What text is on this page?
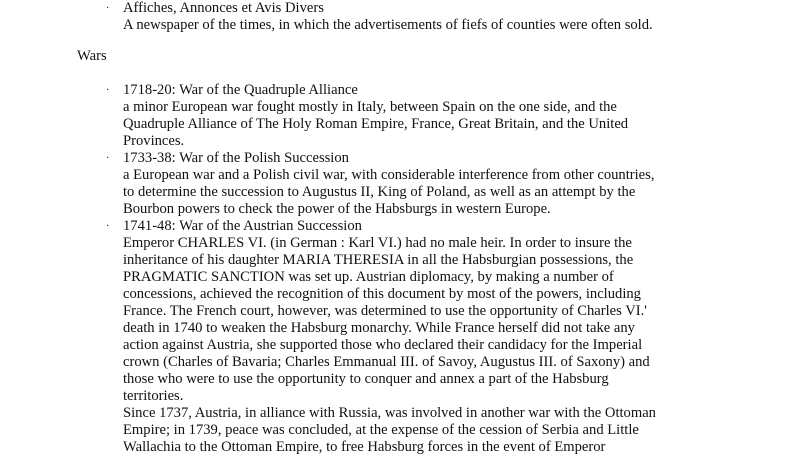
· Affiches, Annonces et Avis Divers
A newspaper of the times, in which the advertisements of fiefs of counties were often sold.
Wars
· 1718-20: War of the Quadruple Alliance
a minor European war fought mostly in Italy, between Spain on the one side, and the
Quadruple Alliance of The Holy Roman Empire, France, Great Britain, and the United
Provinces.
· 1733-38: War of the Polish Succession
a European war and a Polish civil war, with considerable interference from other countries,
to determine the succession to Augustus II, King of Poland, as well as an attempt by the
Bourbon powers to check the power of the Habsburgs in western Europe.
· 1741-48: War of the Austrian Succession
Emperor CHARLES VI. (in German : Karl VI.) had no male heir. In order to insure the
inheritance of his daughter MARIA THERESIA in all the Habsburgian possessions, the
PRAGMATIC SANCTION was set up. Austrian diplomacy, by making a number of
concessions, achieved the recognition of this document by most of the powers, including
France. The French court, however, was determined to use the opportunity of Charles VI.'
death in 1740 to weaken the Habsburg monarchy. While France herself did not take any
action against Austria, she supported those who declared their candidacy for the Imperial
crown (Charles of Bavaria; Charles Emmanual III. of Savoy, Augustus III. of Saxony) and
those who were to use the opportunity to conquer and annex a part of the Habsburg
territories.
Since 1737, Austria, in alliance with Russia, was involved in another war with the Ottoman
Empire; in 1739, peace was concluded, at the expense of the cession of Serbia and Little
Wallachia to the Ottoman Empire, to free Habsburg forces in the event of Emperor
